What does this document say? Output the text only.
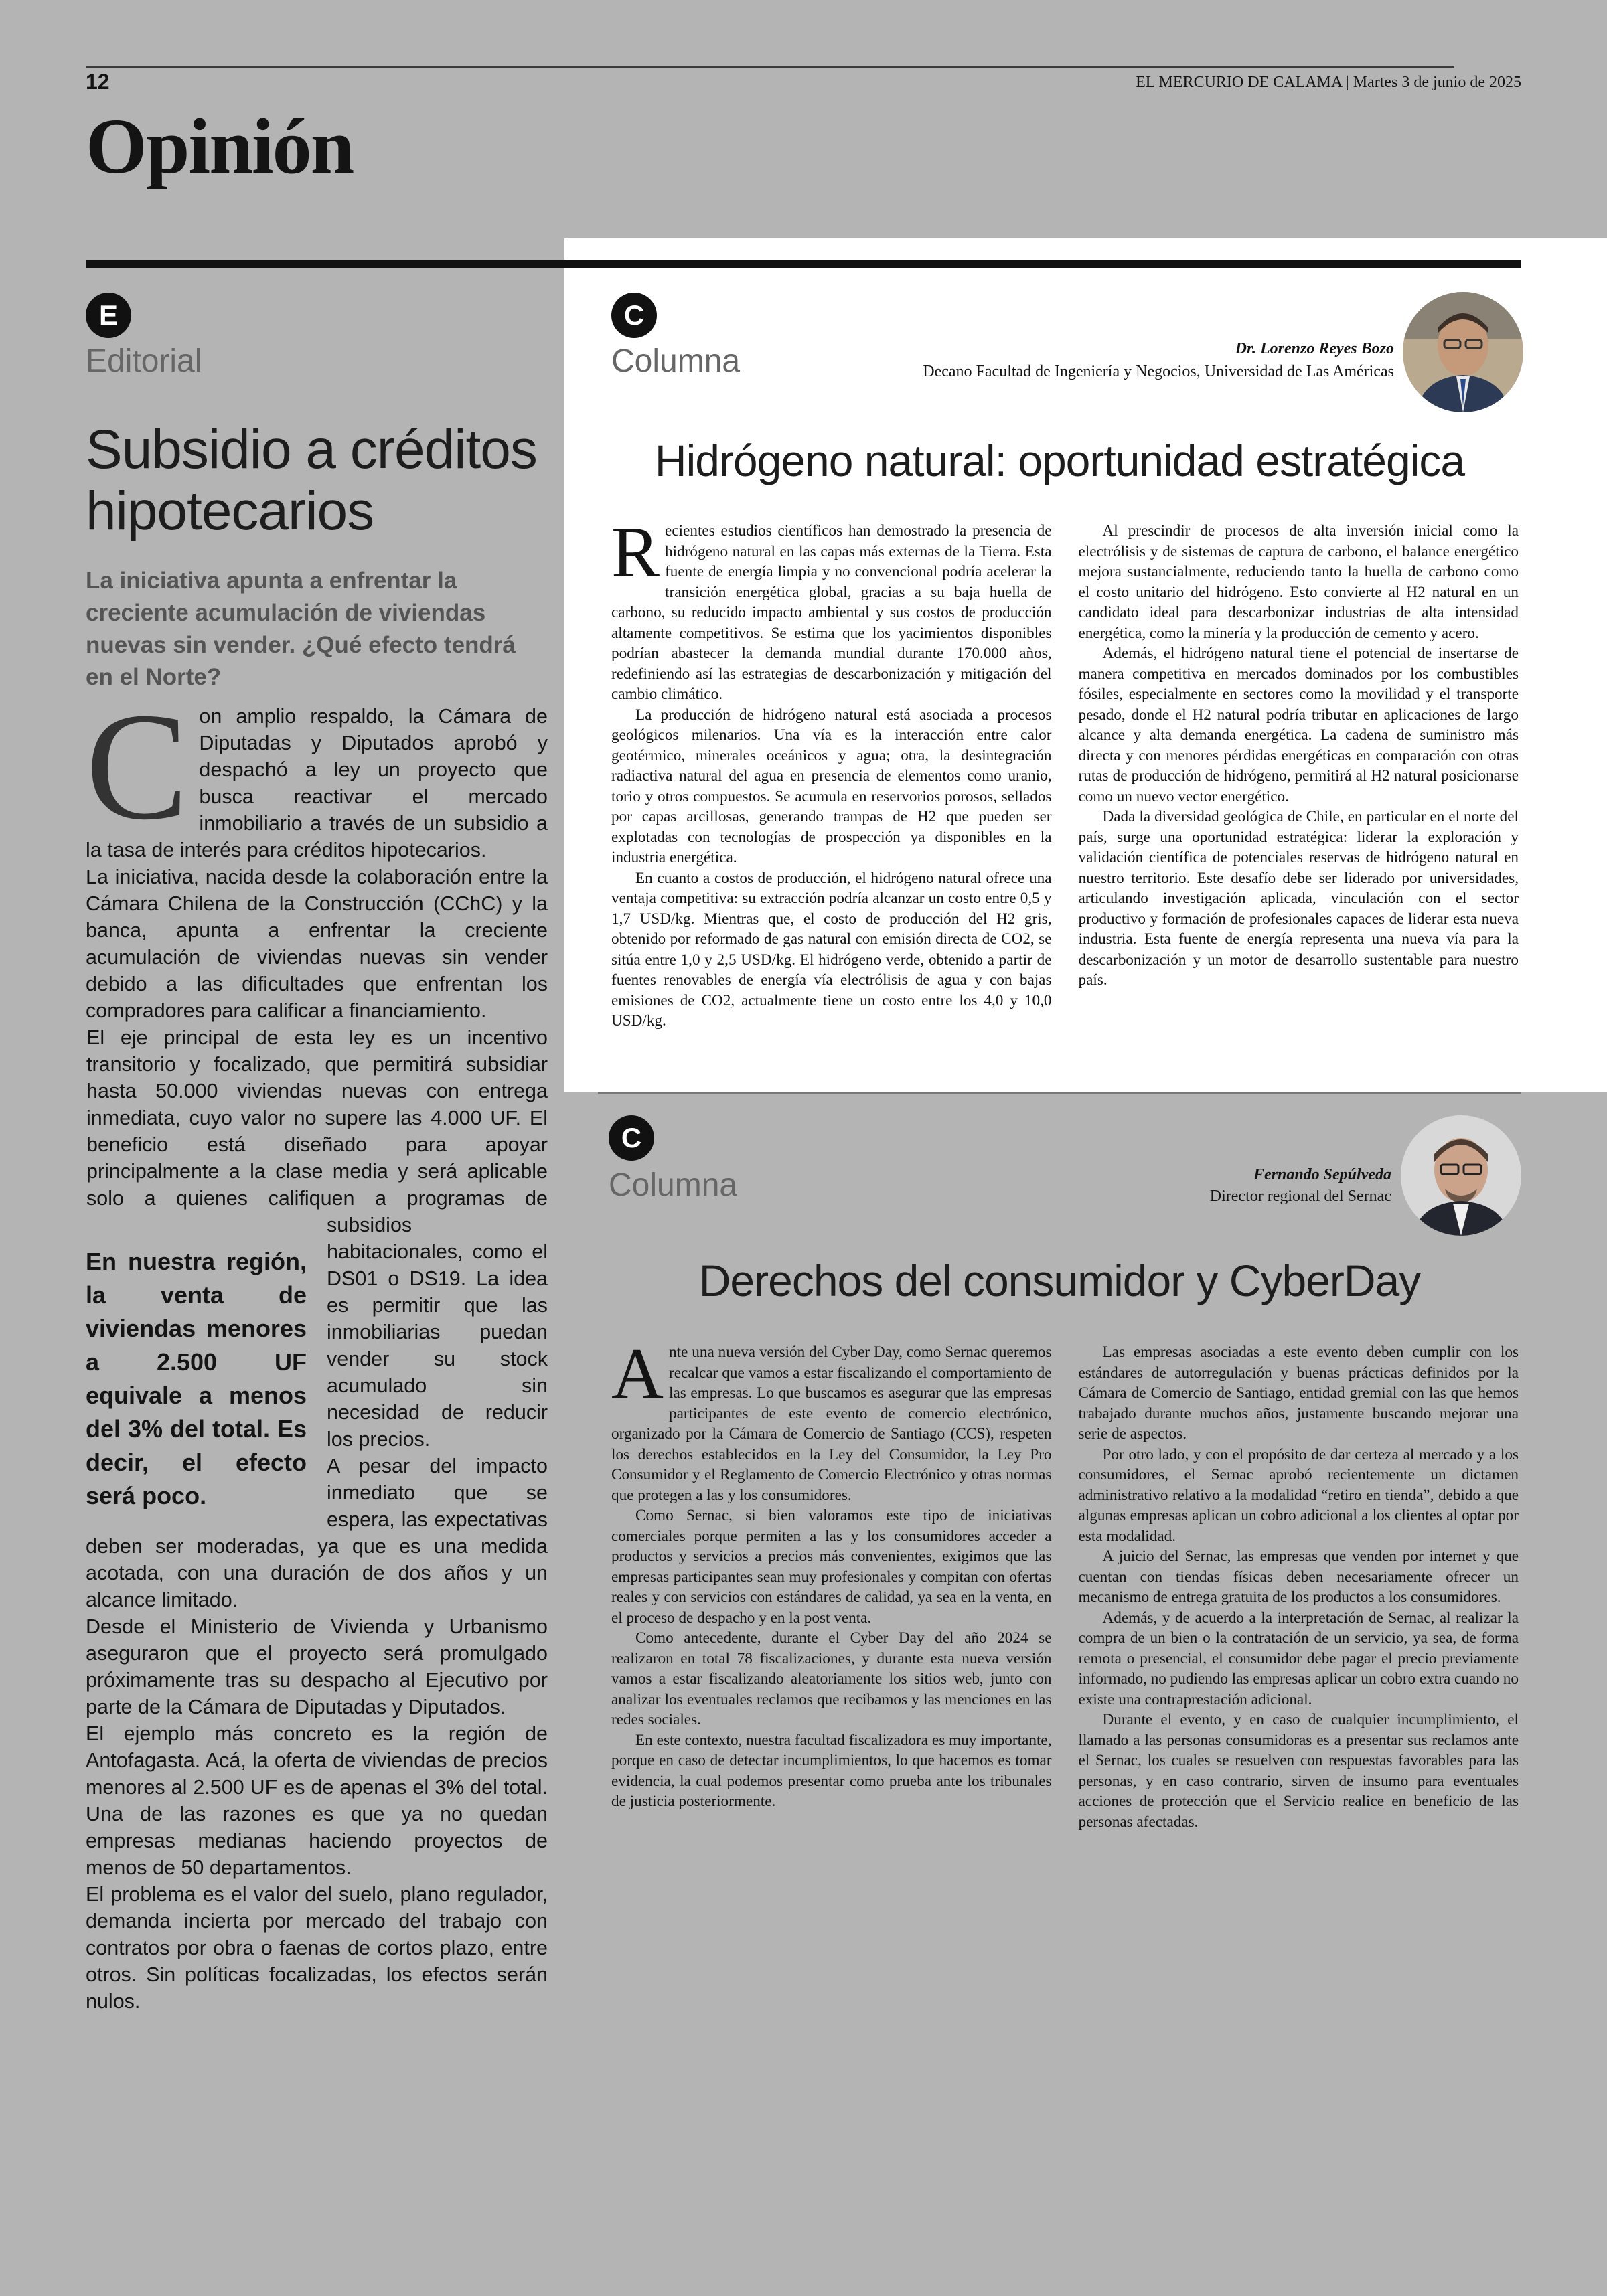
12	EL MERCURIO DE CALAMA | Martes 3 de junio de 2025
Opinión
E
Editorial
Subsidio a créditos hipotecarios
La iniciativa apunta a enfrentar la creciente acumulación de viviendas nuevas sin vender. ¿Qué efecto tendrá en el Norte?
C on amplio respaldo, la Cámara de Diputadas y Diputados aprobó y despachó a ley un proyecto que busca reactivar el mercado inmobiliario a través de un subsidio a la tasa de interés para créditos hipotecarios.

La iniciativa, nacida desde la colaboración entre la Cámara Chilena de la Construcción (CChC) y la banca, apunta a enfrentar la creciente acumulación de viviendas nuevas sin vender debido a las dificultades que enfrentan los compradores para calificar a financiamiento.

En nuestra región, la venta de viviendas menores a 2.500 UF equivale a menos del 3% del total. Es decir, el efecto será poco.

El eje principal de esta ley es un incentivo transitorio y focalizado, que permitirá subsidiar hasta 50.000 viviendas nuevas con entrega inmediata, cuyo valor no supere las 4.000 UF. El beneficio está diseñado para apoyar principalmente a la clase media y será aplicable solo a quienes califiquen a programas de subsidios habitacionales, como el DS01 o DS19. La idea es permitir que las inmobiliarias puedan vender su stock acumulado sin necesidad de reducir los precios.

A pesar del impacto inmediato que se espera, las expectativas deben ser moderadas, ya que es una medida acotada, con una duración de dos años y un alcance limitado.

Desde el Ministerio de Vivienda y Urbanismo aseguraron que el proyecto será promulgado próximamente tras su despacho al Ejecutivo por parte de la Cámara de Diputadas y Diputados.

El ejemplo más concreto es la región de Antofagasta. Acá, la oferta de viviendas de precios menores al 2.500 UF es de apenas el 3% del total. Una de las razones es que ya no quedan empresas medianas haciendo proyectos de menos de 50 departamentos.

El problema es el valor del suelo, plano regulador, demanda incierta por mercado del trabajo con contratos por obra o faenas de cortos plazo, entre otros. Sin políticas focalizadas, los efectos serán nulos.

C
Columna	Dr. Lorenzo Reyes Bozo
Decano Facultad de Ingeniería y Negocios, Universidad de Las Américas
Hidrógeno natural: oportunidad estratégica

Recientes estudios científicos han demostrado la presencia de hidrógeno natural en las capas más externas de la Tierra. Esta fuente de energía limpia y no convencional podría acelerar la transición energética global, gracias a su baja huella de carbono, su reducido impacto ambiental y sus costos de producción altamente competitivos. Se estima que los yacimientos disponibles podrían abastecer la demanda mundial durante 170.000 años, redefiniendo así las estrategias de descarbonización y mitigación del cambio climático.

La producción de hidrógeno natural está asociada a procesos geológicos milenarios. Una vía es la interacción entre calor geotérmico, minerales oceánicos y agua; otra, la desintegración radiactiva natural del agua en presencia de elementos como uranio, torio y otros compuestos. Se acumula en reservorios porosos, sellados por capas arcillosas, generando trampas de H2 que pueden ser explotadas con tecnologías de prospección ya disponibles en la industria energética.

En cuanto a costos de producción, el hidrógeno natural ofrece una ventaja competitiva: su extracción podría alcanzar un costo entre 0,5 y 1,7 USD/kg. Mientras que, el costo de producción del H2 gris, obtenido por reformado de gas natural con emisión directa de CO2, se sitúa entre 1,0 y 2,5 USD/kg. El hidrógeno verde, obtenido a partir de fuentes renovables de energía vía electrólisis de agua y con bajas emisiones de CO2, actualmente tiene un costo entre los 4,0 y 10,0 USD/kg.

Al prescindir de procesos de alta inversión inicial como la electrólisis y de sistemas de captura de carbono, el balance energético mejora sustancialmente, reduciendo tanto la huella de carbono como el costo unitario del hidrógeno. Esto convierte al H2 natural en un candidato ideal para descarbonizar industrias de alta intensidad energética, como la minería y la producción de cemento y acero.

Además, el hidrógeno natural tiene el potencial de insertarse de manera competitiva en mercados dominados por los combustibles fósiles, especialmente en sectores como la movilidad y el transporte pesado, donde el H2 natural podría tributar en aplicaciones de largo alcance y alta demanda energética. La cadena de suministro más directa y con menores pérdidas energéticas en comparación con otras rutas de producción de hidrógeno, permitirá al H2 natural posicionarse como un nuevo vector energético.

Dada la diversidad geológica de Chile, en particular en el norte del país, surge una oportunidad estratégica: liderar la exploración y validación científica de potenciales reservas de hidrógeno natural en nuestro territorio. Este desafío debe ser liderado por universidades, articulando investigación aplicada, vinculación con el sector productivo y formación de profesionales capaces de liderar esta nueva industria. Esta fuente de energía representa una nueva vía para la descarbonización y un motor de desarrollo sustentable para nuestro país.

C
Columna	Fernando Sepúlveda
Director regional del Sernac
Derechos del consumidor y CyberDay

Ante una nueva versión del Cyber Day, como Sernac queremos recalcar que vamos a estar fiscalizando el comportamiento de las empresas. Lo que buscamos es asegurar que las empresas participantes de este evento de comercio electrónico, organizado por la Cámara de Comercio de Santiago (CCS), respeten los derechos establecidos en la Ley del Consumidor, la Ley Pro Consumidor y el Reglamento de Comercio Electrónico y otras normas que protegen a las y los consumidores.

Como Sernac, si bien valoramos este tipo de iniciativas comerciales porque permiten a las y los consumidores acceder a productos y servicios a precios más convenientes, exigimos que las empresas participantes sean muy profesionales y compitan con ofertas reales y con servicios con estándares de calidad, ya sea en la venta, en el proceso de despacho y en la post venta.

Como antecedente, durante el Cyber Day del año 2024 se realizaron en total 78 fiscalizaciones, y durante esta nueva versión vamos a estar fiscalizando aleatoriamente los sitios web, junto con analizar los eventuales reclamos que recibamos y las menciones en las redes sociales.

En este contexto, nuestra facultad fiscalizadora es muy importante, porque en caso de detectar incumplimientos, lo que hacemos es tomar evidencia, la cual podemos presentar como prueba ante los tribunales de justicia posteriormente.

Las empresas asociadas a este evento deben cumplir con los estándares de autorregulación y buenas prácticas definidos por la Cámara de Comercio de Santiago, entidad gremial con las que hemos trabajado durante muchos años, justamente buscando mejorar una serie de aspectos.

Por otro lado, y con el propósito de dar certeza al mercado y a los consumidores, el Sernac aprobó recientemente un dictamen administrativo relativo a la modalidad “retiro en tienda”, debido a que algunas empresas aplican un cobro adicional a los clientes al optar por esta modalidad.

A juicio del Sernac, las empresas que venden por internet y que cuentan con tiendas físicas deben necesariamente ofrecer un mecanismo de entrega gratuita de los productos a los consumidores.

Además, y de acuerdo a la interpretación de Sernac, al realizar la compra de un bien o la contratación de un servicio, ya sea, de forma remota o presencial, el consumidor debe pagar el precio previamente informado, no pudiendo las empresas aplicar un cobro extra cuando no existe una contraprestación adicional.

Durante el evento, y en caso de cualquier incumplimiento, el llamado a las personas consumidoras es a presentar sus reclamos ante el Sernac, los cuales se resuelven con respuestas favorables para las personas, y en caso contrario, sirven de insumo para eventuales acciones de protección que el Servicio realice en beneficio de las personas afectadas.
